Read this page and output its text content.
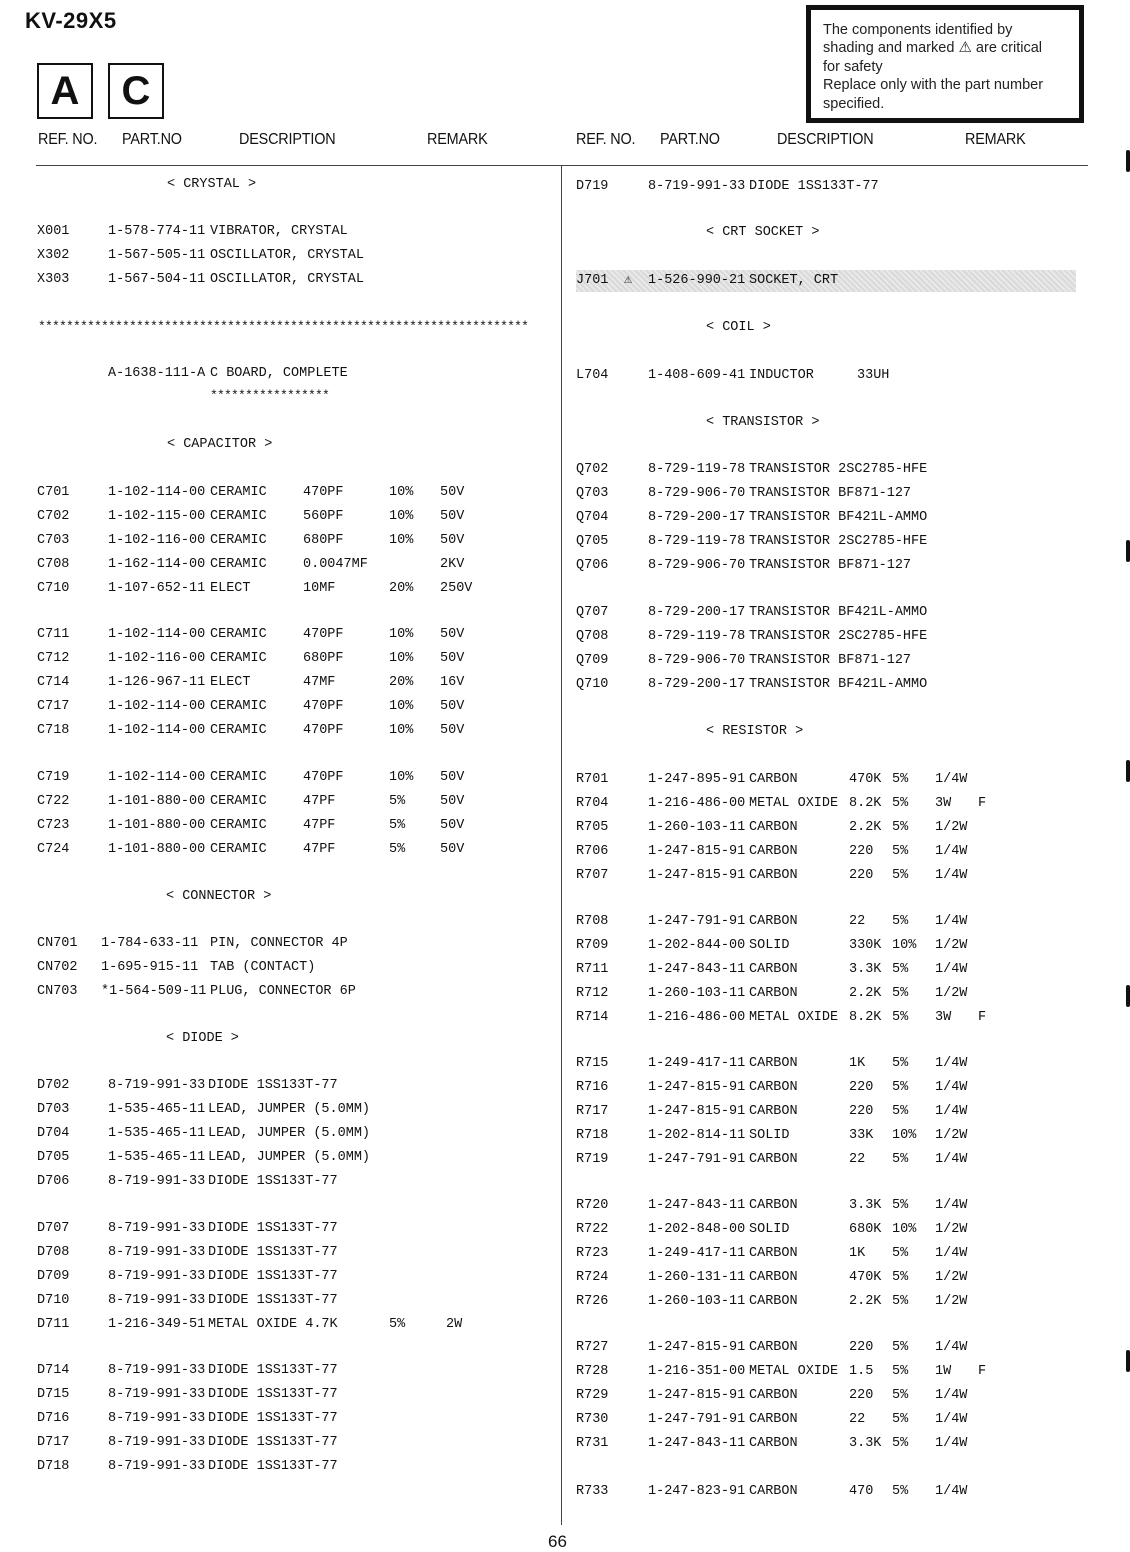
KV-29X5
A	C
The components identified by
shading and marked ⚠ are critical
for safety
Replace only with the part number
specified.
REF. NO. PART.NO	DESCRIPTION	REMARK	REF. NO. PART.NO	DESCRIPTION	REMARK
< CRYSTAL >
X001	1-578-774-11 VIBRATOR, CRYSTAL
X302	1-567-505-11 OSCILLATOR, CRYSTAL
X303	1-567-504-11 OSCILLATOR, CRYSTAL
**********************************************************************
A-1638-111-A C BOARD, COMPLETE
*****************
< CAPACITOR >
C701	1-102-114-00 CERAMIC	470PF	10% 50V
C702	1-102-115-00 CERAMIC	560PF	10% 50V
C703	1-102-116-00 CERAMIC	680PF	10% 50V
C708	1-162-114-00 CERAMIC	0.0047MF	2KV
C710	1-107-652-11 ELECT	10MF	20% 250V
C711	1-102-114-00 CERAMIC	470PF	10% 50V
C712	1-102-116-00 CERAMIC	680PF	10% 50V
C714	1-126-967-11 ELECT	47MF	20% 16V
C717	1-102-114-00 CERAMIC	470PF	10% 50V
C718	1-102-114-00 CERAMIC	470PF	10% 50V
C719	1-102-114-00 CERAMIC	470PF	10% 50V
C722	1-101-880-00 CERAMIC	47PF	5%	50V
C723	1-101-880-00 CERAMIC	47PF	5%	50V
C724	1-101-880-00 CERAMIC	47PF	5%	50V
< CONNECTOR >
CN701 1-784-633-11 PIN, CONNECTOR 4P
CN702 1-695-915-11 TAB (CONTACT)
CN703 *1-564-509-11 PLUG, CONNECTOR 6P
< DIODE >
D702	8-719-991-33 DIODE 1SS133T-77
D703	1-535-465-11 LEAD, JUMPER (5.0MM)
D704	1-535-465-11 LEAD, JUMPER (5.0MM)
D705	1-535-465-11 LEAD, JUMPER (5.0MM)
D706	8-719-991-33 DIODE 1SS133T-77
D707	8-719-991-33 DIODE 1SS133T-77
D708	8-719-991-33 DIODE 1SS133T-77
D709	8-719-991-33 DIODE 1SS133T-77
D710	8-719-991-33 DIODE 1SS133T-77
D711	1-216-349-51 METAL OXIDE 4.7K	5%	2W
D714	8-719-991-33 DIODE 1SS133T-77
D715	8-719-991-33 DIODE 1SS133T-77
D716	8-719-991-33 DIODE 1SS133T-77
D717	8-719-991-33 DIODE 1SS133T-77
D718	8-719-991-33 DIODE 1SS133T-77
D719	8-719-991-33 DIODE 1SS133T-77
< CRT SOCKET >
J701 ⚠ 1-526-990-21 SOCKET, CRT
< COIL >
L704	1-408-609-41 INDUCTOR	33UH
< TRANSISTOR >
Q702	8-729-119-78 TRANSISTOR 2SC2785-HFE
Q703	8-729-906-70 TRANSISTOR BF871-127
Q704	8-729-200-17 TRANSISTOR BF421L-AMMO
Q705	8-729-119-78 TRANSISTOR 2SC2785-HFE
Q706	8-729-906-70 TRANSISTOR BF871-127
Q707	8-729-200-17 TRANSISTOR BF421L-AMMO
Q708	8-729-119-78 TRANSISTOR 2SC2785-HFE
Q709	8-729-906-70 TRANSISTOR BF871-127
Q710	8-729-200-17 TRANSISTOR BF421L-AMMO
< RESISTOR >
R701	1-247-895-91 CARBON	470K 5% 1/4W
R704	1-216-486-00 METAL OXIDE 8.2K 5% 3W F
R705	1-260-103-11 CARBON	2.2K 5% 1/2W
R706	1-247-815-91 CARBON	220 5% 1/4W
R707	1-247-815-91 CARBON	220 5% 1/4W
R708	1-247-791-91 CARBON	22 5% 1/4W
R709	1-202-844-00 SOLID	330K 10% 1/2W
R711	1-247-843-11 CARBON	3.3K 5% 1/4W
R712	1-260-103-11 CARBON	2.2K 5% 1/2W
R714	1-216-486-00 METAL OXIDE 8.2K 5% 3W F
R715	1-249-417-11 CARBON	1K 5% 1/4W
R716	1-247-815-91 CARBON	220 5% 1/4W
R717	1-247-815-91 CARBON	220 5% 1/4W
R718	1-202-814-11 SOLID	33K 10% 1/2W
R719	1-247-791-91 CARBON	22 5% 1/4W
R720	1-247-843-11 CARBON	3.3K 5% 1/4W
R722	1-202-848-00 SOLID	680K 10% 1/2W
R723	1-249-417-11 CARBON	1K 5% 1/4W
R724	1-260-131-11 CARBON	470K 5% 1/2W
R726	1-260-103-11 CARBON	2.2K 5% 1/2W
R727	1-247-815-91 CARBON	220 5% 1/4W
R728	1-216-351-00 METAL OXIDE 1.5 5% 1W F
R729	1-247-815-91 CARBON	220 5% 1/4W
R730	1-247-791-91 CARBON	22 5% 1/4W
R731	1-247-843-11 CARBON	3.3K 5% 1/4W
R733	1-247-823-91 CARBON	470 5% 1/4W
66
